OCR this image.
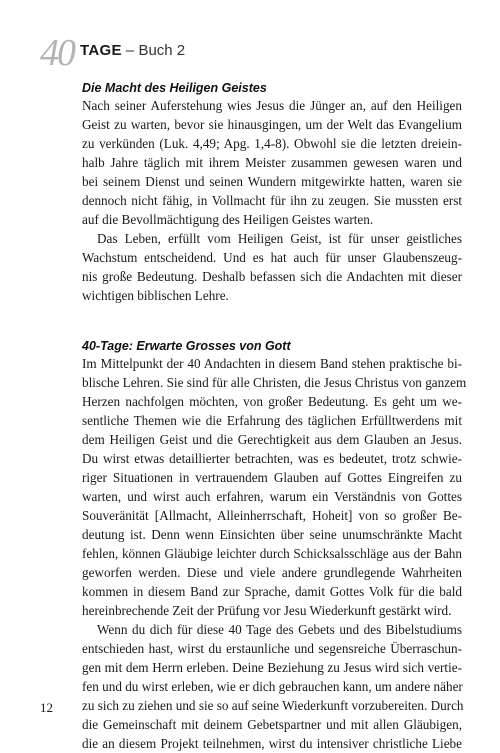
40 TAGE – Buch 2
Die Macht des Heiligen Geistes
Nach seiner Auferstehung wies Jesus die Jünger an, auf den Heiligen
Geist zu warten, bevor sie hinausgingen, um der Welt das Evangelium
zu verkünden (Luk. 4,49; Apg. 1,4-8). Obwohl sie die letzten dreiein-
halb Jahre täglich mit ihrem Meister zusammen gewesen waren und
bei seinem Dienst und seinen Wundern mitgewirkte hatten, waren sie
dennoch nicht fähig, in Vollmacht für ihn zu zeugen. Sie mussten erst
auf die Bevollmächtigung des Heiligen Geistes warten.
Das Leben, erfüllt vom Heiligen Geist, ist für unser geistliches
Wachstum entscheidend. Und es hat auch für unser Glaubenszeug-
nis große Bedeutung. Deshalb befassen sich die Andachten mit dieser
wichtigen biblischen Lehre.
40-Tage: Erwarte Grosses von Gott
Im Mittelpunkt der 40 Andachten in diesem Band stehen praktische bi-
blische Lehren. Sie sind für alle Christen, die Jesus Christus von ganzem
Herzen nachfolgen möchten, von großer Bedeutung. Es geht um we-
sentliche Themen wie die Erfahrung des täglichen Erfülltwerdens mit
dem Heiligen Geist und die Gerechtigkeit aus dem Glauben an Jesus.
Du wirst etwas detaillierter betrachten, was es bedeutet, trotz schwie-
riger Situationen in vertrauendem Glauben auf Gottes Eingreifen zu
warten, und wirst auch erfahren, warum ein Verständnis von Gottes
Souveränität [Allmacht, Alleinherrschaft, Hoheit] von so großer Be-
deutung ist. Denn wenn Einsichten über seine unumschränkte Macht
fehlen, können Gläubige leichter durch Schicksalsschläge aus der Bahn
geworfen werden. Diese und viele andere grundlegende Wahrheiten
kommen in diesem Band zur Sprache, damit Gottes Volk für die bald
hereinbrechende Zeit der Prüfung vor Jesu Wiederkunft gestärkt wird.
Wenn du dich für diese 40 Tage des Gebets und des Bibelstudiums
entschieden hast, wirst du erstaunliche und segensreiche Überraschun-
gen mit dem Herrn erleben. Deine Beziehung zu Jesus wird sich vertie-
fen und du wirst erleben, wie er dich gebrauchen kann, um andere näher
zu sich zu ziehen und sie so auf seine Wiederkunft vorzubereiten. Durch
die Gemeinschaft mit deinem Gebetspartner und mit allen Gläubigen,
die an diesem Projekt teilnehmen, wirst du intensiver christliche Liebe
12
